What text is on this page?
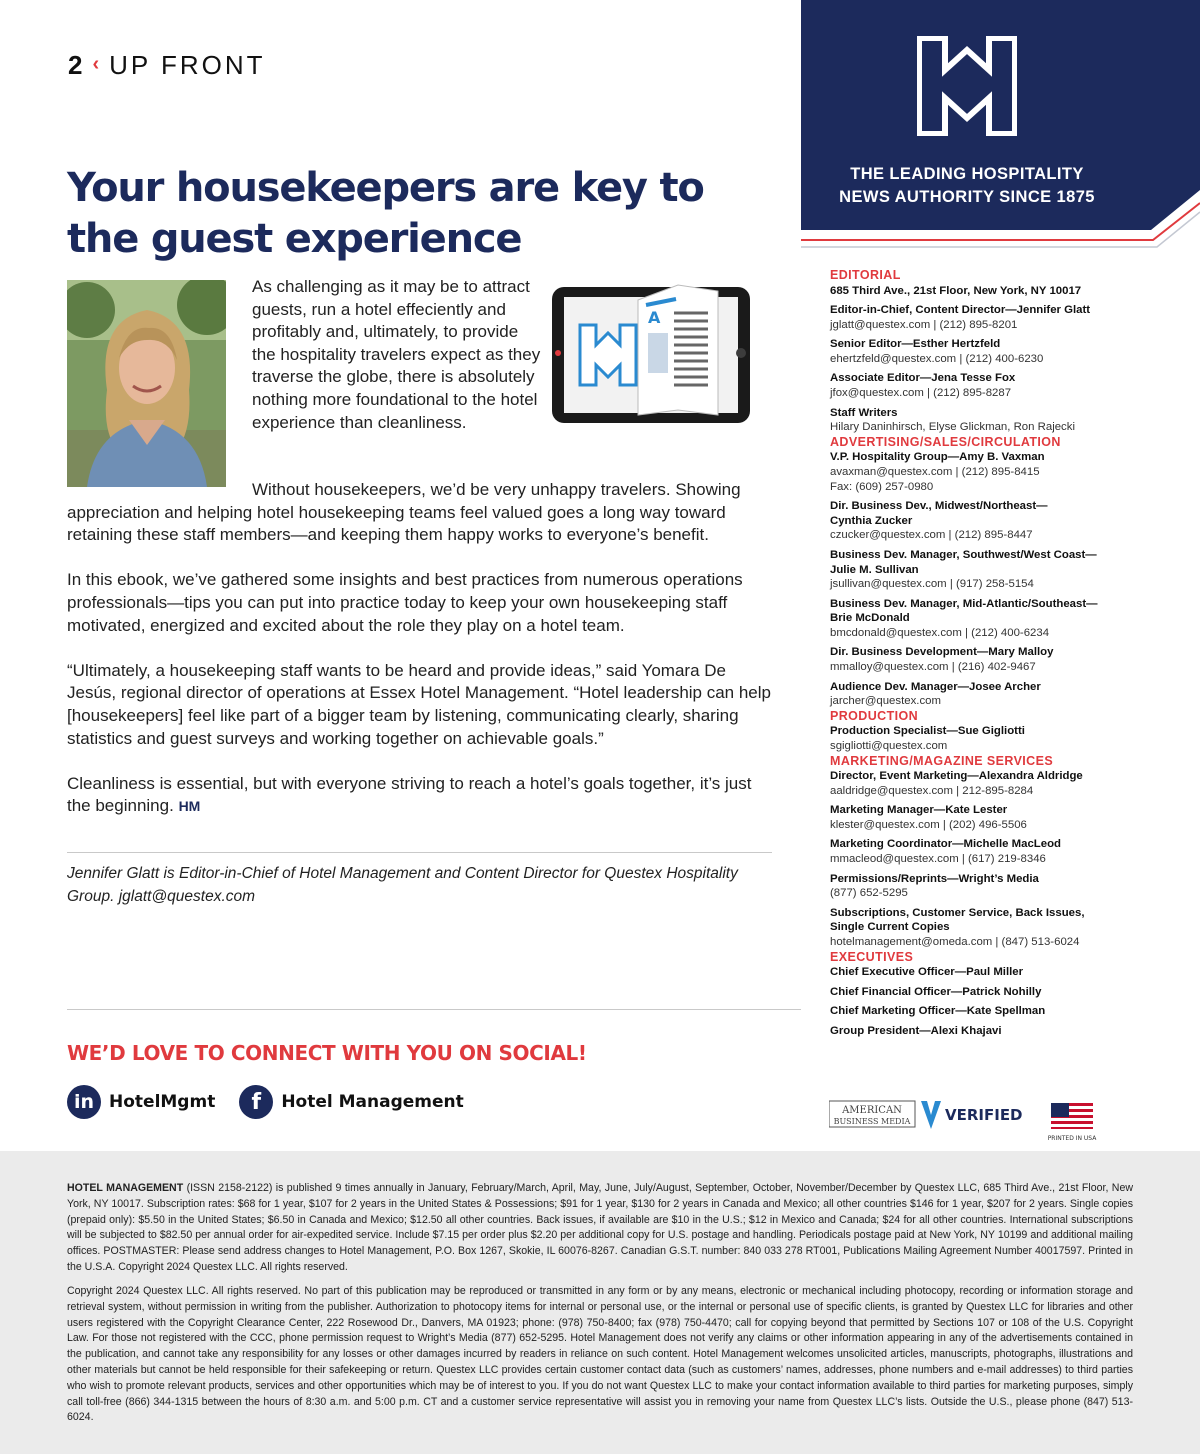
2 ‹ UP FRONT
Your housekeepers are key to the guest experience
A
As challenging as it may be to attract guests, run a hotel effeciently and profitably and, ultimately, to provide the hospitality travelers expect as they traverse the globe, there is absolutely nothing more foundational to the hotel experience than cleanliness.

Without housekeepers, we’d be very unhappy travelers. Showing appreciation and helping hotel housekeeping teams feel valued goes a long way toward retaining these staff members—and keeping them happy works to everyone’s benefit.

In this ebook, we’ve gathered some insights and best practices from numerous operations professionals—tips you can put into practice today to keep your own housekeeping staff motivated, energized and excited about the role they play on a hotel team.

“Ultimately, a housekeeping staff wants to be heard and provide ideas,” said Yomara De Jesús, regional director of operations at Essex Hotel Management. “Hotel leadership can help [housekeepers] feel like part of a bigger team by listening, communicating clearly, sharing statistics and guest surveys and working together on achievable goals.”

Cleanliness is essential, but with everyone striving to reach a hotel’s goals together, it’s just the beginning. HM

Jennifer Glatt is Editor-in-Chief of Hotel Management and Content Director for Questex Hospitality Group. jglatt@questex.com
WE’D LOVE TO CONNECT WITH YOU ON SOCIAL!
in HotelMgmt	f	Hotel Management
THE LEADING HOSPITALITY
NEWS AUTHORITY SINCE 1875
EDITORIAL
685 Third Ave., 21st Floor, New York, NY 10017
Editor-in-Chief, Content Director—Jennifer Glatt
jglatt@questex.com | (212) 895-8201
Senior Editor—Esther Hertzfeld
ehertzfeld@questex.com | (212) 400-6230
Associate Editor—Jena Tesse Fox
jfox@questex.com | (212) 895-8287
Staff Writers
Hilary Daninhirsch, Elyse Glickman, Ron Rajecki
ADVERTISING/SALES/CIRCULATION
V.P. Hospitality Group—Amy B. Vaxman
avaxman@questex.com | (212) 895-8415
Fax: (609) 257-0980
Dir. Business Dev., Midwest/Northeast—
Cynthia Zucker
czucker@questex.com | (212) 895-8447
Business Dev. Manager, Southwest/West Coast—
Julie M. Sullivan
jsullivan@questex.com | (917) 258-5154
Business Dev. Manager, Mid-Atlantic/Southeast—
Brie McDonald
bmcdonald@questex.com | (212) 400-6234
Dir. Business Development—Mary Malloy
mmalloy@questex.com | (216) 402-9467
Audience Dev. Manager—Josee Archer
jarcher@questex.com
PRODUCTION
Production Specialist—Sue Gigliotti
sgigliotti@questex.com
MARKETING/MAGAZINE SERVICES
Director, Event Marketing—Alexandra Aldridge
aaldridge@questex.com | 212-895-8284
Marketing Manager—Kate Lester
klester@questex.com | (202) 496-5506
Marketing Coordinator—Michelle MacLeod
mmacleod@questex.com | (617) 219-8346
Permissions/Reprints—Wright’s Media
(877) 652-5295
Subscriptions, Customer Service, Back Issues,
Single Current Copies
hotelmanagement@omeda.com | (847) 513-6024
EXECUTIVES
Chief Executive Officer—Paul Miller
Chief Financial Officer—Patrick Nohilly
Chief Marketing Officer—Kate Spellman
Group President—Alexi Khajavi
AMERICAN
BUSINESS MEDIA VERIFIED
PRINTED IN USA

HOTEL MANAGEMENT (ISSN 2158-2122) is published 9 times annually in January, February/March, April, May, June, July/August, September, October, November/December by Questex LLC, 685 Third Ave., 21st Floor, New York, NY 10017. Subscription rates: $68 for 1 year, $107 for 2 years in the United States & Possessions; $91 for 1 year, $130 for 2 years in Canada and Mexico; all other countries $146 for 1 year, $207 for 2 years. Single copies (prepaid only): $5.50 in the United States; $6.50 in Canada and Mexico; $12.50 all other countries. Back issues, if available are $10 in the U.S.; $12 in Mexico and Canada; $24 for all other countries. International subscriptions will be subjected to $82.50 per annual order for air-expedited service. Include $7.15 per order plus $2.20 per additional copy for U.S. postage and handling. Periodicals postage paid at New York, NY 10199 and additional mailing offices. POSTMASTER: Please send address changes to Hotel Management, P.O. Box 1267, Skokie, IL 60076-8267. Canadian G.S.T. number: 840 033 278 RT001, Publications Mailing Agreement Number 40017597. Printed in the U.S.A. Copyright 2024 Questex LLC. All rights reserved.

Copyright 2024 Questex LLC. All rights reserved. No part of this publication may be reproduced or transmitted in any form or by any means, electronic or mechanical including photocopy, recording or information storage and retrieval system, without permission in writing from the publisher. Authorization to photocopy items for internal or personal use, or the internal or personal use of specific clients, is granted by Questex LLC for libraries and other users registered with the Copyright Clearance Center, 222 Rosewood Dr., Danvers, MA 01923; phone: (978) 750-8400; fax (978) 750-4470; call for copying beyond that permitted by Sections 107 or 108 of the U.S. Copyright Law. For those not registered with the CCC, phone permission request to Wright’s Media (877) 652-5295. Hotel Management does not verify any claims or other information appearing in any of the advertisements contained in the publication, and cannot take any responsibility for any losses or other damages incurred by readers in reliance on such content. Hotel Management welcomes unsolicited articles, manuscripts, photographs, illustrations and other materials but cannot be held responsible for their safekeeping or return. Questex LLC provides certain customer contact data (such as customers’ names, addresses, phone numbers and e-mail addresses) to third parties who wish to promote relevant products, services and other opportunities which may be of interest to you. If you do not want Questex LLC to make your contact information available to third parties for marketing purposes, simply call toll-free (866) 344-1315 between the hours of 8:30 a.m. and 5:00 p.m. CT and a customer service representative will assist you in removing your name from Questex LLC’s lists. Outside the U.S., please phone (847) 513-6024.
